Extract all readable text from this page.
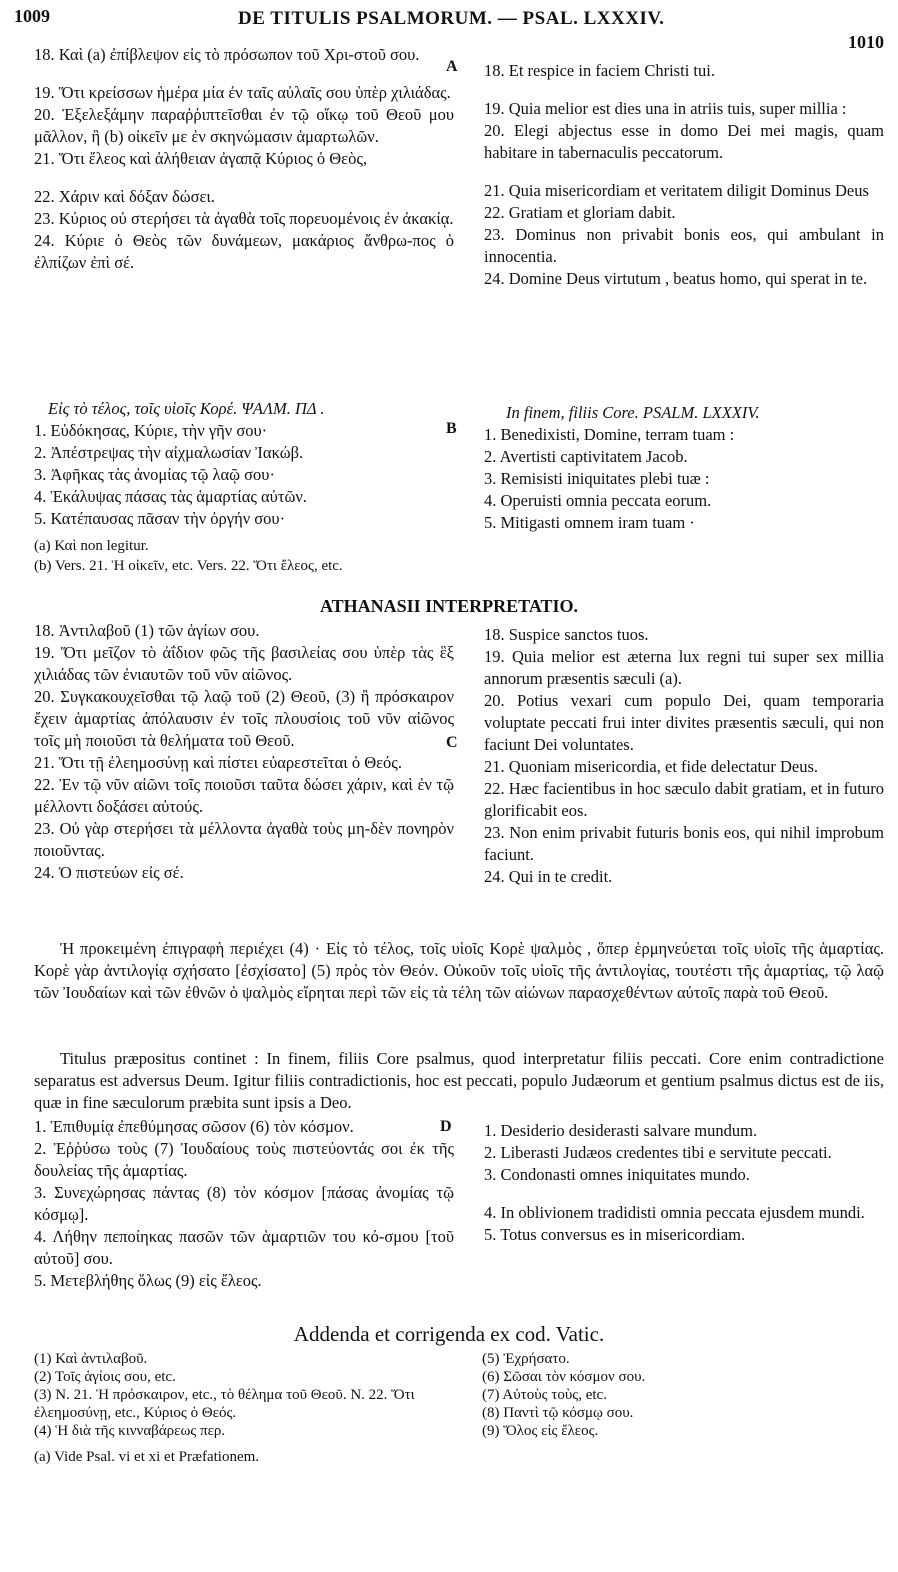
1009	DE TITULIS PSALMORUM. — PSAL. LXXXIV.
1010

18. Καὶ (a) ἐπίβλεψον εἰς τὸ πρόσωπον τοῦ Χρι-στοῦ σου.

19. Ὅτι κρείσσων ἡμέρα μία ἐν ταῖς αὐλαῖς σου ὑπὲρ χιλιάδας.

20. Ἐξελεξάμην παραῤῥιπτεῖσθαι ἐν τῷ οἴκῳ τοῦ Θεοῦ μου μᾶλλον, ἢ (b) οἰκεῖν με ἐν σκηνώμασιν ἁμαρτωλῶν.

21. Ὅτι ἔλεος καὶ ἀλήθειαν ἀγαπᾷ Κύριος ὁ Θεὸς,

22. Χάριν καὶ δόξαν δώσει.

23. Κύριος οὐ στερήσει τὰ ἀγαθὰ τοῖς πορευομένοις ἐν ἀκακίᾳ.

24. Κύριε ὁ Θεὸς τῶν δυνάμεων, μακάριος ἄνθρω-πος ὁ ἐλπίζων ἐπὶ σέ.

A 18. Et respice in faciem Christi tui.

19. Quia melior est dies una in atriis tuis, super millia :

20. Elegi abjectus esse in domo Dei mei magis, quam habitare in tabernaculis peccatorum.

21. Quia misericordiam et veritatem diligit Dominus Deus

22. Gratiam et gloriam dabit.

23. Dominus non privabit bonis eos, qui ambulant in innocentia.

24. Domine Deus virtutum , beatus homo, qui sperat in te.

Εἰς τὸ τέλος, τοῖς υἱοῖς Κορέ. ΨΑΛΜ. ΠΔ .

1. Εὐδόκησας, Κύριε, τὴν γῆν σου·

2. Ἀπέστρεψας τὴν αἰχμαλωσίαν Ἰακώβ.

3. Ἀφῆκας τὰς ἀνομίας τῷ λαῷ σου·

4. Ἐκάλυψας πάσας τὰς ἁμαρτίας αὐτῶν.

5. Κατέπαυσας πᾶσαν τὴν ὀργήν σου·

(a) Καὶ non legitur.

(b) Vers. 21. Ἡ οἰκεῖν, etc. Vers. 22. Ὅτι ἔλεος, etc.

B

In finem, filiis Core. PSALM. LXXXIV.

1. Benedixisti, Domine, terram tuam :

2. Avertisti captivitatem Jacob.

3. Remisisti iniquitates plebi tuæ :

4. Operuisti omnia peccata eorum.

5. Mitigasti omnem iram tuam ·

ATHANASII INTERPRETATIO.

18. Ἀντιλαβοῦ (1) τῶν ἁγίων σου.

19. Ὅτι μεῖζον τὸ ἀΐδιον φῶς τῆς βασιλείας σου ὑπὲρ τὰς ἓξ χιλιάδας τῶν ἐνιαυτῶν τοῦ νῦν αἰῶνος.

20. Συγκακουχεῖσθαι τῷ λαῷ τοῦ (2) Θεοῦ, (3) ἢ πρόσκαιρον ἔχειν ἁμαρτίας ἀπόλαυσιν ἐν τοῖς πλουσίοις τοῦ νῦν αἰῶνος τοῖς μὴ ποιοῦσι τὰ θελήματα τοῦ Θεοῦ.

21. Ὅτι τῇ ἐλεημοσύνῃ καὶ πίστει εὐαρεστεῖται ὁ Θεός.

22. Ἐν τῷ νῦν αἰῶνι τοῖς ποιοῦσι ταῦτα δώσει χάριν, καὶ ἐν τῷ μέλλοντι δοξάσει αὐτούς.

23. Οὐ γὰρ στερήσει τὰ μέλλοντα ἀγαθὰ τοὺς μη-δὲν πονηρὸν ποιοῦντας.

24. Ὁ πιστεύων εἰς σέ.

C

18. Suspice sanctos tuos.

19. Quia melior est æterna lux regni tui super sex millia annorum præsentis sæculi (a).

20. Potius vexari cum populo Dei, quam temporaria voluptate peccati frui inter divites præsentis sæculi, qui non faciunt Dei voluntates.

21. Quoniam misericordia, et fide delectatur Deus.

22. Hæc facientibus in hoc sæculo dabit gratiam, et in futuro glorificabit eos.

23. Non enim privabit futuris bonis eos, qui nihil improbum faciunt.

24. Qui in te credit.

Ἡ προκειμένη ἐπιγραφὴ περιέχει (4) · Εἰς τὸ τέλος, τοῖς υἱοῖς Κορὲ ψαλμὸς , ὅπερ ἑρμηνεύεται τοῖς υἱοῖς τῆς ἁμαρτίας. Κορὲ γὰρ ἀντιλογίᾳ σχήσατο [ἐσχίσατο] (5) πρὸς τὸν Θεόν. Οὐκοῦν τοῖς υἱοῖς τῆς ἀντιλογίας, τουτέστι τῆς ἁμαρτίας, τῷ λαῷ τῶν Ἰουδαίων καὶ τῶν ἐθνῶν ὁ ψαλμὸς εἴρηται περὶ τῶν εἰς τὰ τέλη τῶν αἰώνων παρασχεθέντων αὐτοῖς παρὰ τοῦ Θεοῦ.

Titulus præpositus continet : In finem, filiis Core psalmus, quod interpretatur filiis peccati. Core enim contradictione separatus est adversus Deum. Igitur filiis contradictionis, hoc est peccati, populo Judæorum et gentium psalmus dictus est de iis, quæ in fine sæculorum præbita sunt ipsis a Deo.

1. Ἐπιθυμίᾳ ἐπεθύμησας σῶσον (6) τὸν κόσμον.

2. Ἐῤῥύσω τοὺς (7) Ἰουδαίους τοὺς πιστεύοντάς σοι ἐκ τῆς δουλείας τῆς ἁμαρτίας.

3. Συνεχώρησας πάντας (8) τὸν κόσμον [πάσας ἀνομίας τῷ κόσμῳ].

4. Λήθην πεποίηκας πασῶν τῶν ἁμαρτιῶν του κό-σμου [τοῦ αὐτοῦ] σου.

5. Μετεβλήθης ὅλως (9) εἰς ἔλεος.

D 1. Desiderio desiderasti salvare mundum.

2. Liberasti Judæos credentes tibi e servitute peccati.

3. Condonasti omnes iniquitates mundo.

4. In oblivionem tradidisti omnia peccata ejusdem mundi.

5. Totus conversus es in misericordiam.

Addenda et corrigenda ex cod. Vatic.
(1) Καὶ ἀντιλαβοῦ.
(2) Τοῖς ἁγίοις σου, etc.
(3) N. 21. Ἡ πρόσκαιρον, etc., τὸ θέλημα τοῦ Θεοῦ. N. 22. Ὅτι ἐλεημοσύνῃ, etc., Κύριος ὁ Θεός.
(4) Ἡ διὰ τῆς κινναβάρεως περ.
(a) Vide Psal. vi et xi et Præfationem.
(5) Ἐχρήσατο.
(6) Σῶσαι τὸν κόσμον σου.
(7) Αὐτοὺς τοὺς, etc.
(8) Παντὶ τῷ κόσμῳ σου.
(9) Ὅλος εἰς ἔλεος.
